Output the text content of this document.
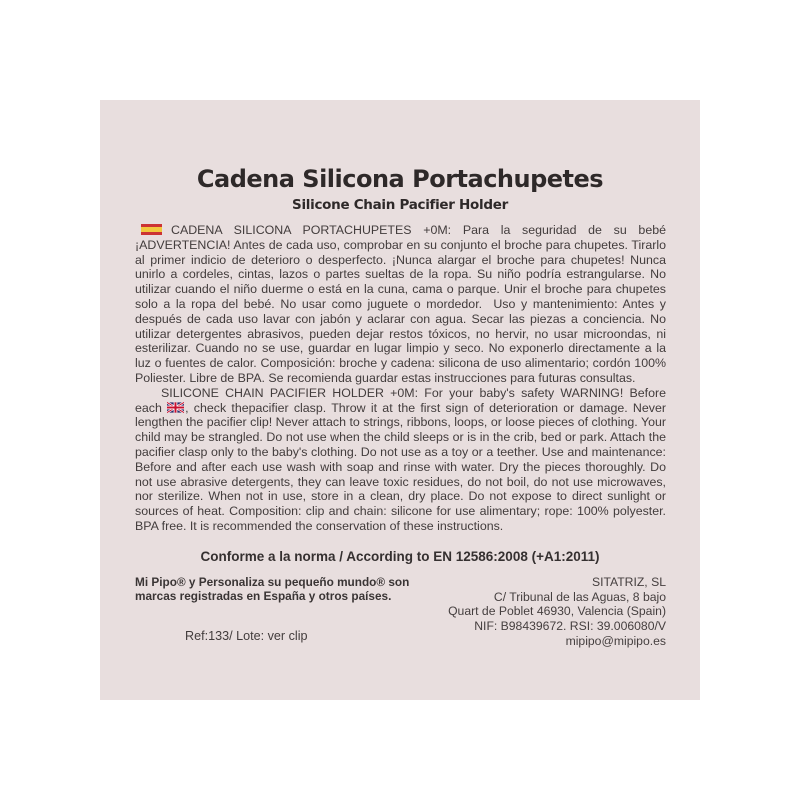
Cadena Silicona Portachupetes
Silicone Chain Pacifier Holder

CADENA SILICONA PORTACHUPETES +0M: Para la seguridad de su bebé ¡ADVERTENCIA! Antes de cada uso, comprobar en su conjunto el broche para chupetes. Tirarlo al primer indicio de deterioro o desperfecto. ¡Nunca alargar el broche para chupetes! Nunca unirlo a cordeles, cintas, lazos o partes sueltas de la ropa. Su niño podría estrangularse. No utilizar cuando el niño duerme o está en la cuna, cama o parque. Unir el broche para chupetes solo a la ropa del bebé. No usar como juguete o mordedor.  Uso y mantenimiento: Antes y después de cada uso lavar con jabón y aclarar con agua. Secar las piezas a conciencia. No utilizar detergentes abrasivos, pueden dejar restos tóxicos, no hervir, no usar microondas, ni esterilizar. Cuando no se use, guardar en lugar limpio y seco. No exponerlo directamente a la luz o fuentes de calor. Composición: broche y cadena: silicona de uso alimentario; cordón 100% Poliester. Libre de BPA. Se recomienda guardar estas instrucciones para futuras consultas.

SILICONE CHAIN PACIFIER HOLDER +0M: For your baby's safety WARNING! Before each , check thepacifier clasp. Throw it at the first sign of deterioration or damage. Never lengthen the pacifier clip! Never attach to strings, ribbons, loops, or loose pieces of clothing. Your child may be strangled. Do not use when the child sleeps or is in the crib, bed or park. Attach the pacifier clasp only to the baby's clothing. Do not use as a toy or a teether. Use and maintenance: Before and after each use wash with soap and rinse with water. Dry the pieces thoroughly. Do not use abrasive detergents, they can leave toxic residues, do not boil, do not use microwaves, nor sterilize. When not in use, store in a clean, dry place. Do not expose to direct sunlight or sources of heat. Composition: clip and chain: silicone for use alimentary; rope: 100% polyester. BPA free. It is recommended the conservation of these instructions.

Conforme a la norma / According to EN 12586:2008 (+A1:2011)
Mi Pipo® y Personaliza su pequeño mundo® son marcas registradas en España y otros países.
Ref:133/ Lote: ver clip
SITATRIZ, SL
C/ Tribunal de las Aguas, 8 bajo
Quart de Poblet 46930, Valencia (Spain)
NIF: B98439672. RSI: 39.006080/V
mipipo@mipipo.es
